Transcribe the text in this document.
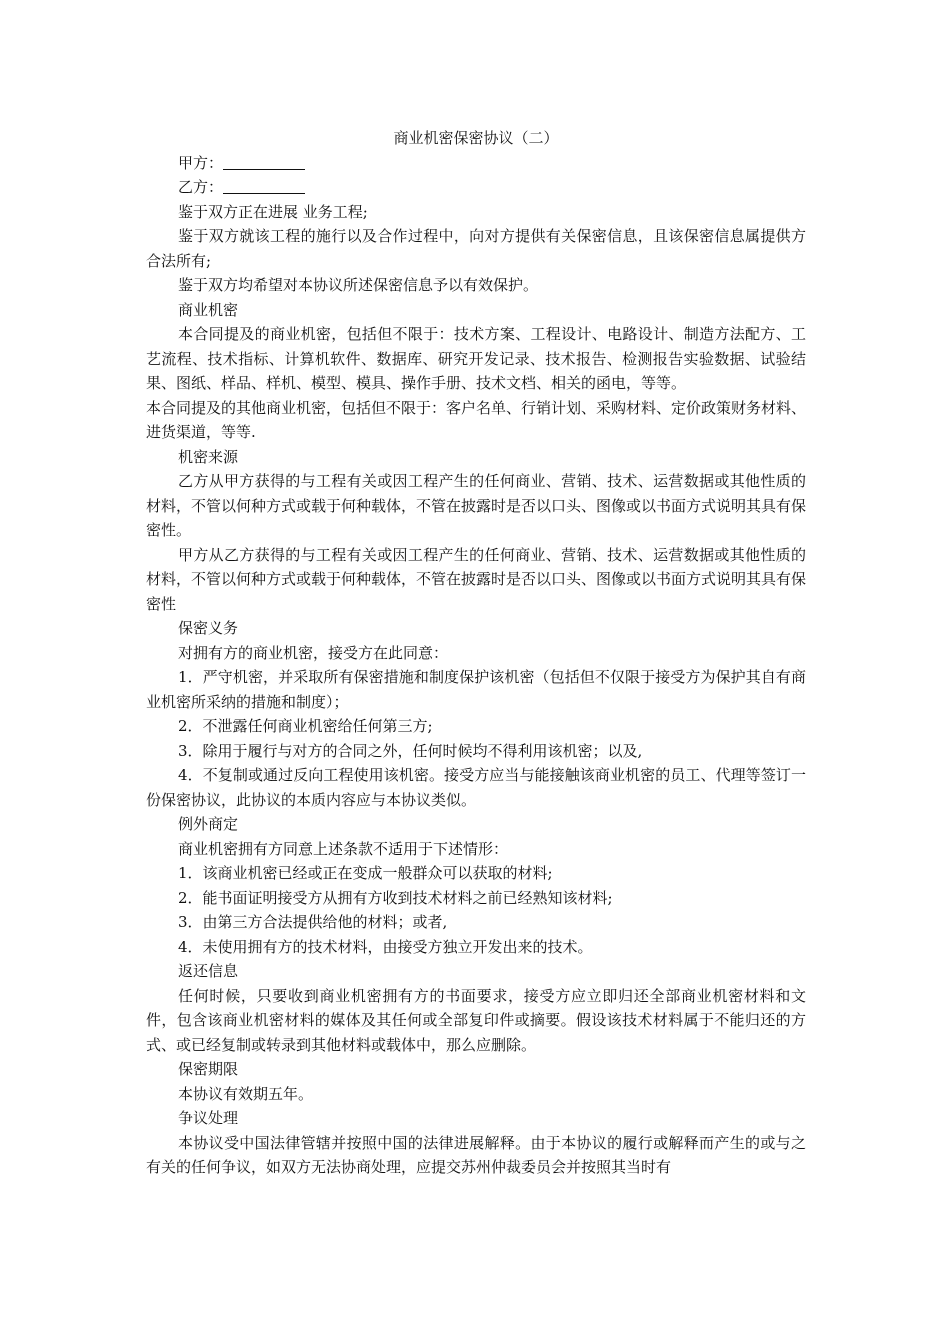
商业机密保密协议（二）
甲方：
乙方：
鉴于双方正在进展 业务工程;
鉴于双方就该工程的施行以及合作过程中，向对方提供有关保密信息，且该保密信息属提供方合法所有;
鉴于双方均希望对本协议所述保密信息予以有效保护。
商业机密
本合同提及的商业机密，包括但不限于：技术方案、工程设计、电路设计、制造方法配方、工艺流程、技术指标、计算机软件、数据库、研究开发记录、技术报告、检测报告实验数据、试验结果、图纸、样品、样机、模型、模具、操作手册、技术文档、相关的函电，等等。
本合同提及的其他商业机密，包括但不限于：客户名单、行销计划、采购材料、定价政策财务材料、进货渠道，等等.
机密来源
乙方从甲方获得的与工程有关或因工程产生的任何商业、营销、技术、运营数据或其他性质的材料，不管以何种方式或载于何种载体，不管在披露时是否以口头、图像或以书面方式说明其具有保密性。
甲方从乙方获得的与工程有关或因工程产生的任何商业、营销、技术、运营数据或其他性质的材料，不管以何种方式或载于何种载体，不管在披露时是否以口头、图像或以书面方式说明其具有保密性
保密义务
对拥有方的商业机密，接受方在此同意：
1．严守机密，并采取所有保密措施和制度保护该机密（包括但不仅限于接受方为保护其自有商业机密所采纳的措施和制度）；
2．不泄露任何商业机密给任何第三方;
3．除用于履行与对方的合同之外，任何时候均不得利用该机密；以及,
4．不复制或通过反向工程使用该机密。接受方应当与能接触该商业机密的员工、代理等签订一份保密协议，此协议的本质内容应与本协议类似。
例外商定
商业机密拥有方同意上述条款不适用于下述情形：
1．该商业机密已经或正在变成一般群众可以获取的材料;
2．能书面证明接受方从拥有方收到技术材料之前已经熟知该材料;
3．由第三方合法提供给他的材料；或者,
4．未使用拥有方的技术材料，由接受方独立开发出来的技术。
返还信息
任何时候，只要收到商业机密拥有方的书面要求，接受方应立即归还全部商业机密材料和文件，包含该商业机密材料的媒体及其任何或全部复印件或摘要。假设该技术材料属于不能归还的方式、或已经复制或转录到其他材料或载体中，那么应删除。
保密期限
本协议有效期五年。
争议处理
本协议受中国法律管辖并按照中国的法律进展解释。由于本协议的履行或解释而产生的或与之有关的任何争议，如双方无法协商处理，应提交苏州仲裁委员会并按照其当时有
